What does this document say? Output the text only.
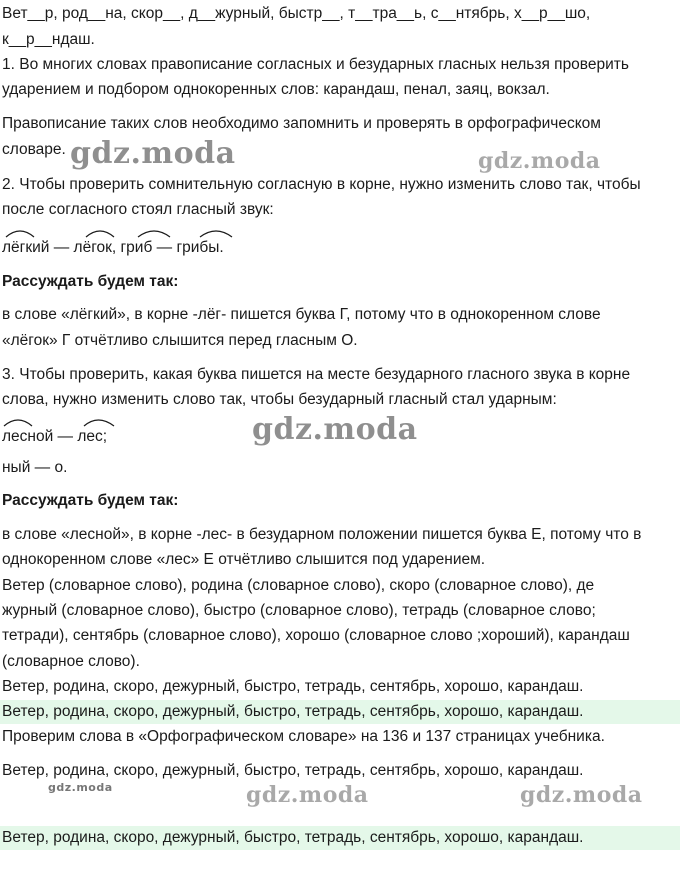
Вет__р, род__на, скор__, д__журный, быстр__, т__тра__ь, с__нтябрь, х__р__шо,
к__р__ндаш.
1. Во многих словах правописание согласных и безударных гласных нельзя проверить
ударением и подбором однокоренных слов: карандаш, пенал, заяц, вокзал.
Правописание таких слов необходимо запомнить и проверять в орфографическом
словаре.
2. Чтобы проверить сомнительную согласную в корне, нужно изменить слово так, чтобы
после согласного стоял гласный звук:
лёгкий — лёгок, гриб — грибы.
Рассуждать будем так:
в слове «лёгкий», в корне -лёг- пишется буква Г, потому что в однокоренном слове
«лёгок» Г отчётливо слышится перед гласным О.
3. Чтобы проверить, какая буква пишется на месте безударного гласного звука в корне
слова, нужно изменить слово так, чтобы безударный гласный стал ударным:
лесной — лес;
ный — о.
Рассуждать будем так:
в слове «лесной», в корне -лес- в безударном положении пишется буква Е, потому что в
однокоренном слове «лес» Е отчётливо слышится под ударением.
Ветер (словарное слово), родина (словарное слово), скоро (словарное слово), де
журный (словарное слово), быстро (словарное слово), тетрадь (словарное слово;
тетради), сентябрь (словарное слово), хорошо (словарное слово ;хороший), карандаш
(словарное слово).
Ветер, родина, скоро, дежурный, быстро, тетрадь, сентябрь, хорошо, карандаш.
Ветер, родина, скоро, дежурный, быстро, тетрадь, сентябрь, хорошо, карандаш.
Проверим слова в «Орфографическом словаре» на 136 и 137 страницах учебника.
Ветер, родина, скоро, дежурный, быстро, тетрадь, сентябрь, хорошо, карандаш.
Ветер, родина, скоро, дежурный, быстро, тетрадь, сентябрь, хорошо, карандаш.
gdz.moda	gdz.moda
gdz.moda
gdz.moda	gdz.moda	gdz.moda
